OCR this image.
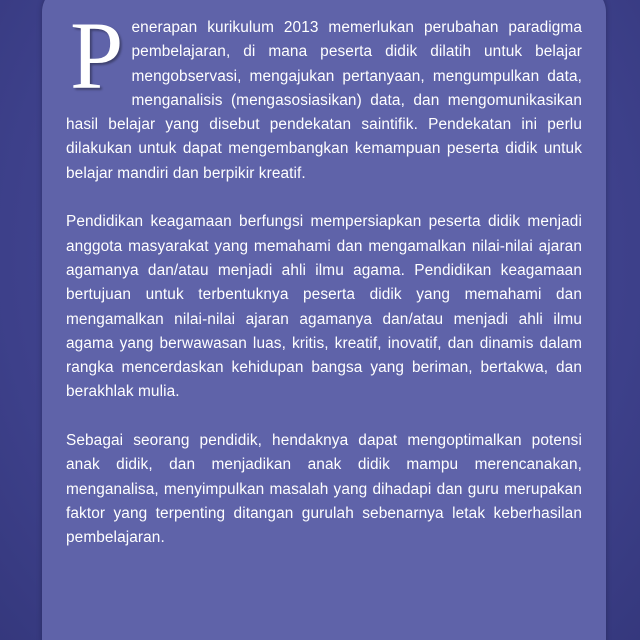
P enerapan kurikulum 2013 memerlukan perubahan paradigma pembelajaran, di mana peserta didik dilatih untuk belajar mengobservasi, mengajukan pertanyaan, mengumpulkan data, menganalisis (mengasosiasikan) data, dan mengomunikasikan hasil belajar yang disebut pendekatan saintifik. Pendekatan ini perlu dilakukan untuk dapat mengembangkan kemampuan peserta didik untuk belajar mandiri dan berpikir kreatif.

Pendidikan keagamaan berfungsi mempersiapkan peserta didik menjadi anggota masyarakat yang memahami dan mengamalkan nilai-nilai ajaran agamanya dan/atau menjadi ahli ilmu agama. Pendidikan keagamaan bertujuan untuk terbentuknya peserta didik yang memahami dan mengamalkan nilai-nilai ajaran agamanya dan/atau menjadi ahli ilmu agama yang berwawasan luas, kritis, kreatif, inovatif, dan dinamis dalam rangka mencerdaskan kehidupan bangsa yang beriman, bertakwa, dan berakhlak mulia.

Sebagai seorang pendidik, hendaknya dapat mengoptimalkan potensi anak didik, dan menjadikan anak didik mampu merencanakan, menganalisa, menyimpulkan masalah yang dihadapi dan guru merupakan faktor yang terpenting ditangan gurulah sebenarnya letak keberhasilan pembelajaran.
